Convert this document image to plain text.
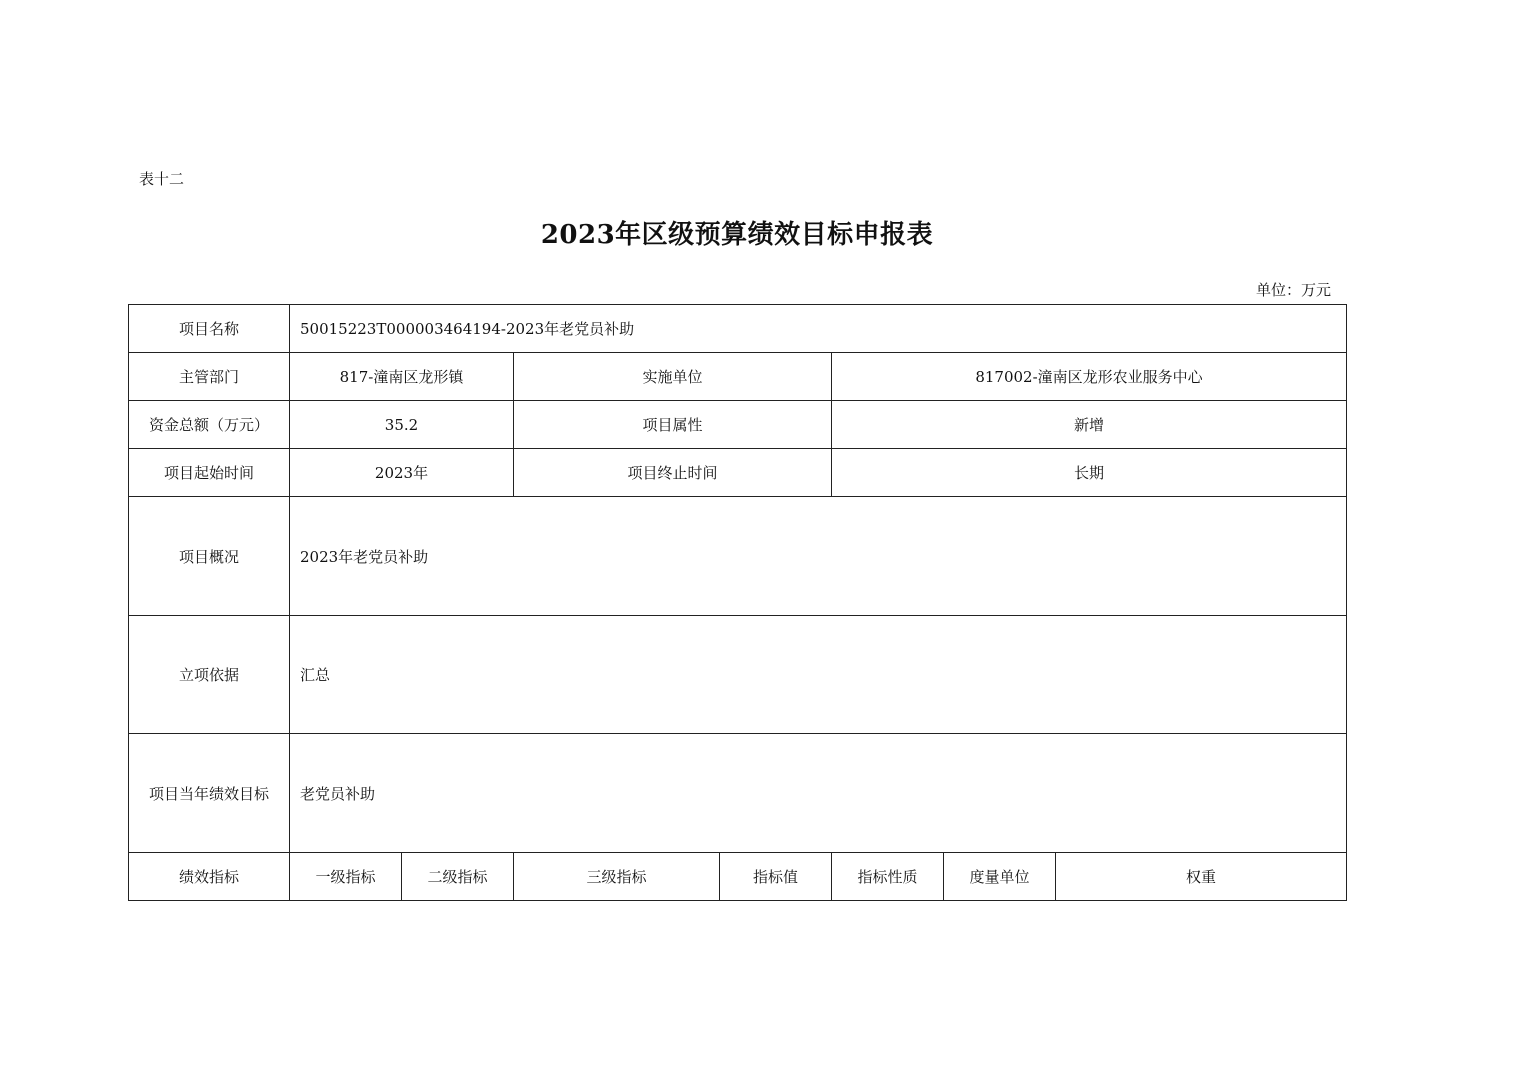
表十二
2023年区级预算绩效目标申报表
单位：万元
项目名称	50015223T000003464194-2023年老党员补助
主管部门	817-潼南区龙形镇	实施单位	817002-潼南区龙形农业服务中心
资金总额（万元）	35.2	项目属性	新增
项目起始时间	2023年	项目终止时间	长期
项目概况	2023年老党员补助
立项依据	汇总
项目当年绩效目标	老党员补助
绩效指标	一级指标	二级指标	三级指标	指标值	指标性质	度量单位	权重
